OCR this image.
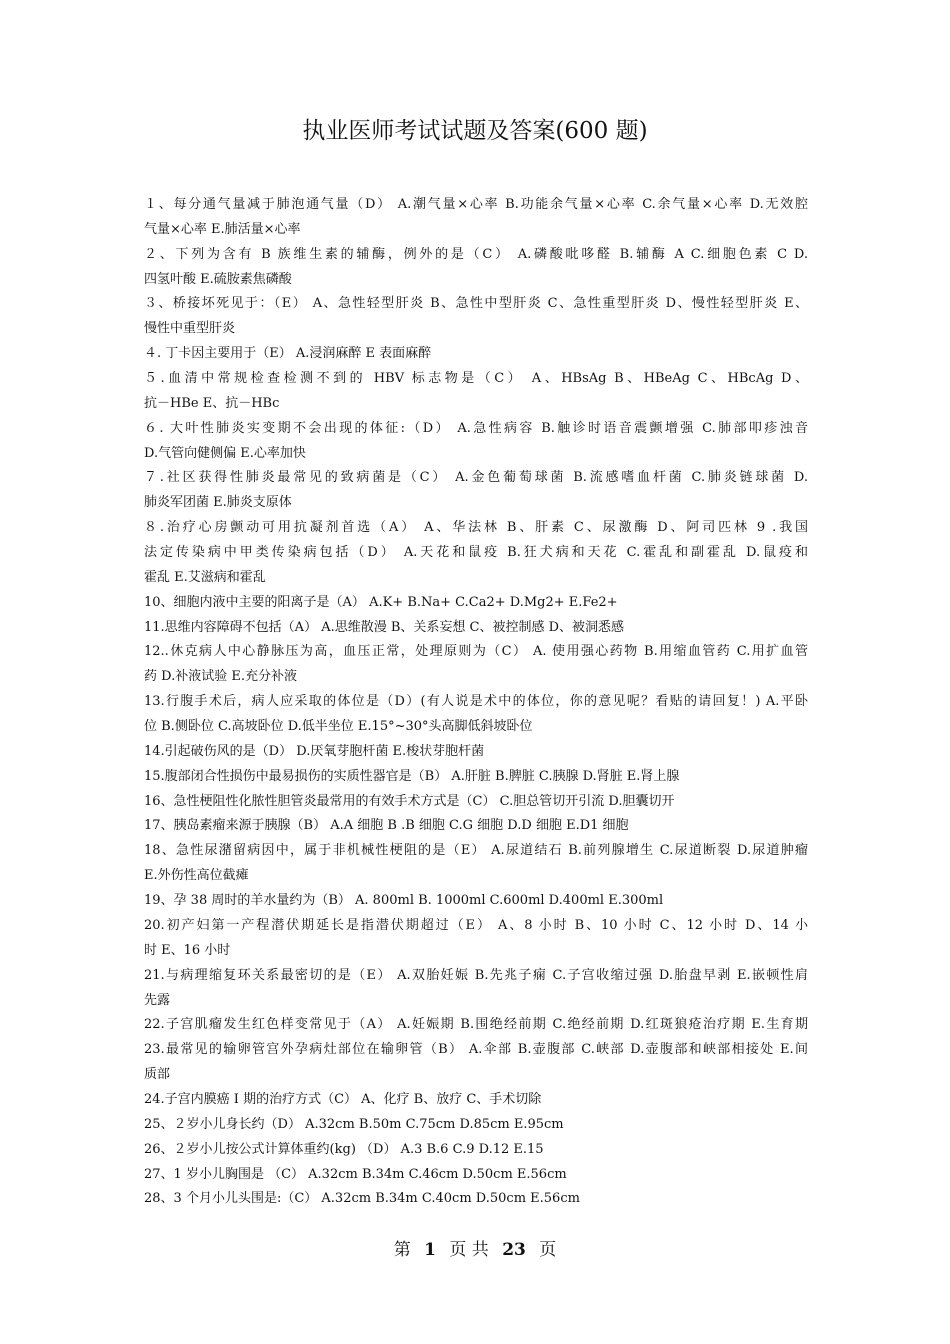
执业医师考试试题及答案(600 题)
１、每分通气量减于肺泡通气量（D） A.潮气量×心率 B.功能余气量×心率 C.余气量×心率 D.无效腔
气量×心率 E.肺活量×心率
２、下列为含有 B 族维生素的辅酶，例外的是（C） A.磷酸吡哆醛 B.辅酶 A C.细胞色素 C D.
四氢叶酸 E.硫胺素焦磷酸
３、桥接坏死见于：（E） A、急性轻型肝炎 B、急性中型肝炎 C、急性重型肝炎 D、慢性轻型肝炎 E、
慢性中重型肝炎
４. 丁卡因主要用于（E） A.浸润麻醉 E 表面麻醉
５.血清中常规检查检测不到的 HBV 标志物是（C） A、HBsAg B、HBeAg C、HBcAg D、
抗－HBe E、抗－HBc
６. 大叶性肺炎实变期不会出现的体征:（D） A.急性病容 B.触诊时语音震颤增强 C.肺部叩疹浊音
D.气管向健侧偏 E.心率加快
７.社区获得性肺炎最常见的致病菌是（C） A.金色葡萄球菌 B.流感嗜血杆菌 C.肺炎链球菌 D.
肺炎军团菌 E.肺炎支原体
８.治疗心房颤动可用抗凝剂首选（A） A、华法林 B、肝素 C、尿激酶 D、阿司匹林 9 .我国
法定传染病中甲类传染病包括（D） A.天花和鼠疫 B.狂犬病和天花 C.霍乱和副霍乱 D.鼠疫和
霍乱 E.艾滋病和霍乱
10、细胞内液中主要的阳离子是（A） A.K+ B.Na+ C.Ca2+ D.Mg2+ E.Fe2+
11.思维内容障碍不包括（A） A.思维散漫 B、关系妄想 C、被控制感 D、被洞悉感
12..休克病人中心静脉压为高，血压正常，处理原则为（C） A. 使用强心药物 B.用缩血管药 C.用扩血管
药 D.补液试验 E.充分补液
13.行腹手术后，病人应采取的体位是（D）(有人说是术中的体位，你的意见呢？看贴的请回复！) A.平卧
位 B.侧卧位 C.高坡卧位 D.低半坐位 E.15°~30°头高脚低斜坡卧位
14.引起破伤风的是（D） D.厌氧芽胞杆菌 E.梭状芽胞杆菌
15.腹部闭合性损伤中最易损伤的实质性器官是（B） A.肝脏 B.脾脏 C.胰腺 D.肾脏 E.肾上腺
16、急性梗阻性化脓性胆管炎最常用的有效手术方式是（C） C.胆总管切开引流 D.胆囊切开
17、胰岛素瘤来源于胰腺（B） A.A 细胞 B .B 细胞 C.G 细胞 D.D 细胞 E.D1 细胞
18、急性尿潴留病因中，属于非机械性梗阻的是（E） A.尿道结石 B.前列腺增生 C.尿道断裂 D.尿道肿瘤
E.外伤性高位截瘫
19、孕 38 周时的羊水量约为（B） A. 800ml B. 1000ml C.600ml D.400ml E.300ml
20.初产妇第一产程潜伏期延长是指潜伏期超过（E） A、8 小时 B、10 小时 C、12 小时 D、14 小
时 E、16 小时
21.与病理缩复环关系最密切的是（E） A.双胎妊娠 B.先兆子痫 C.子宫收缩过强 D.胎盘早剥 E.嵌顿性肩
先露
22.子宫肌瘤发生红色样变常见于（A） A.妊娠期 B.围绝经前期 C.绝经前期 D.红斑狼疮治疗期 E.生育期
23.最常见的输卵管宫外孕病灶部位在输卵管（B） A.伞部 B.壶腹部 C.峡部 D.壶腹部和峡部相接处 E.间
质部
24.子宫内膜癌 I 期的治疗方式（C） A、化疗 B、放疗 C、手术切除
25、２岁小儿身长约（D） A.32cm B.50m C.75cm D.85cm E.95cm
26、２岁小儿按公式计算体重约(kg) （D） A.3 B.6 C.9 D.12 E.15
27、1 岁小儿胸围是 （C） A.32cm B.34m C.46cm D.50cm E.56cm
28、3 个月小儿头围是:（C） A.32cm B.34m C.40cm D.50cm E.56cm
第 1 页 共 23 页
